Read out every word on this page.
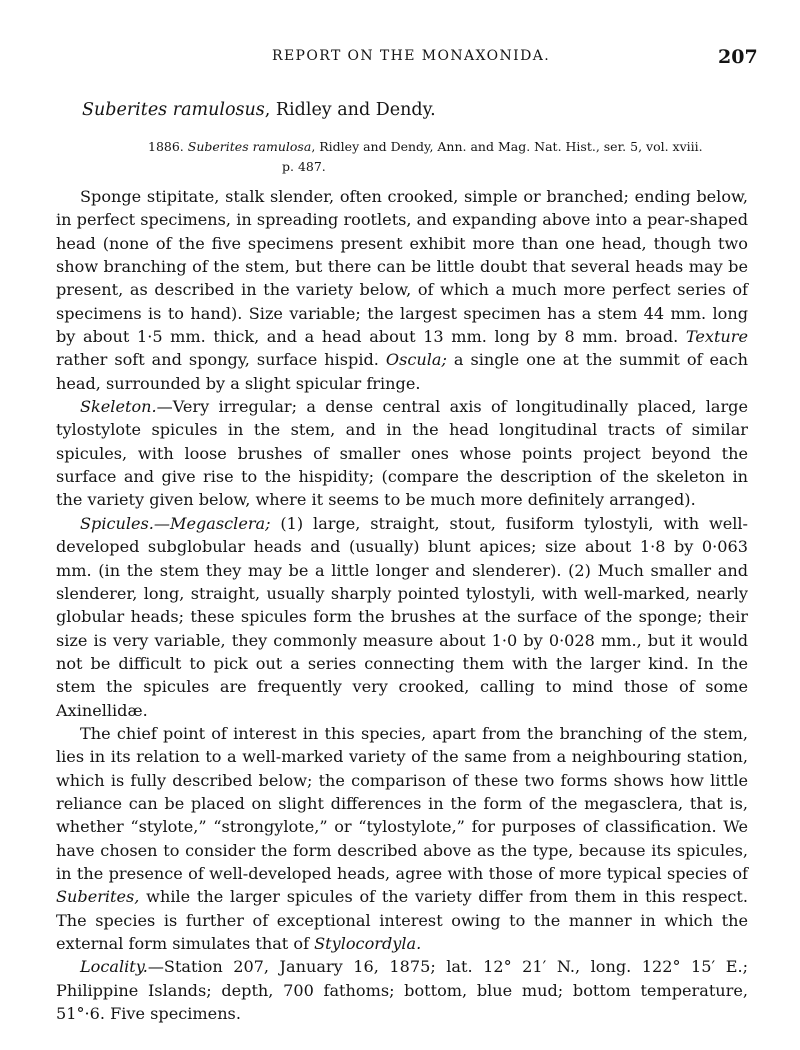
REPORT ON THE MONAXONIDA.	207
Suberites ramulosus, Ridley and Dendy.
1886. Suberites ramulosa, Ridley and Dendy, Ann. and Mag. Nat. Hist., ser. 5, vol. xviii.
p. 487.

Sponge stipitate, stalk slender, often crooked, simple or branched; ending below, in perfect specimens, in spreading rootlets, and expanding above into a pear-shaped head (none of the five specimens present exhibit more than one head, though two show branching of the stem, but there can be little doubt that several heads may be present, as described in the variety below, of which a much more perfect series of specimens is to hand). Size variable; the largest specimen has a stem 44 mm. long by about 1·5 mm. thick, and a head about 13 mm. long by 8 mm. broad. Texture rather soft and spongy, surface hispid. Oscula; a single one at the summit of each head, surrounded by a slight spicular fringe.

Skeleton.—Very irregular; a dense central axis of longitudinally placed, large tylostylote spicules in the stem, and in the head longitudinal tracts of similar spicules, with loose brushes of smaller ones whose points project beyond the surface and give rise to the hispidity; (compare the description of the skeleton in the variety given below, where it seems to be much more definitely arranged).

Spicules.—Megasclera; (1) large, straight, stout, fusiform tylostyli, with well-developed subglobular heads and (usually) blunt apices; size about 1·8 by 0·063 mm. (in the stem they may be a little longer and slenderer). (2) Much smaller and slenderer, long, straight, usually sharply pointed tylostyli, with well-marked, nearly globular heads; these spicules form the brushes at the surface of the sponge; their size is very variable, they commonly measure about 1·0 by 0·028 mm., but it would not be difficult to pick out a series connecting them with the larger kind. In the stem the spicules are frequently very crooked, calling to mind those of some Axinellidæ.

The chief point of interest in this species, apart from the branching of the stem, lies in its relation to a well-marked variety of the same from a neighbouring station, which is fully described below; the comparison of these two forms shows how little reliance can be placed on slight differences in the form of the megasclera, that is, whether “stylote,” “strongylote,” or “tylostylote,” for purposes of classification. We have chosen to consider the form described above as the type, because its spicules, in the presence of well-developed heads, agree with those of more typical species of Suberites, while the larger spicules of the variety differ from them in this respect. The species is further of exceptional interest owing to the manner in which the external form simulates that of Stylocordyla.

Locality.—Station 207, January 16, 1875; lat. 12° 21′ N., long. 122° 15′ E.; Philippine Islands; depth, 700 fathoms; bottom, blue mud; bottom temperature, 51°·6. Five specimens.
